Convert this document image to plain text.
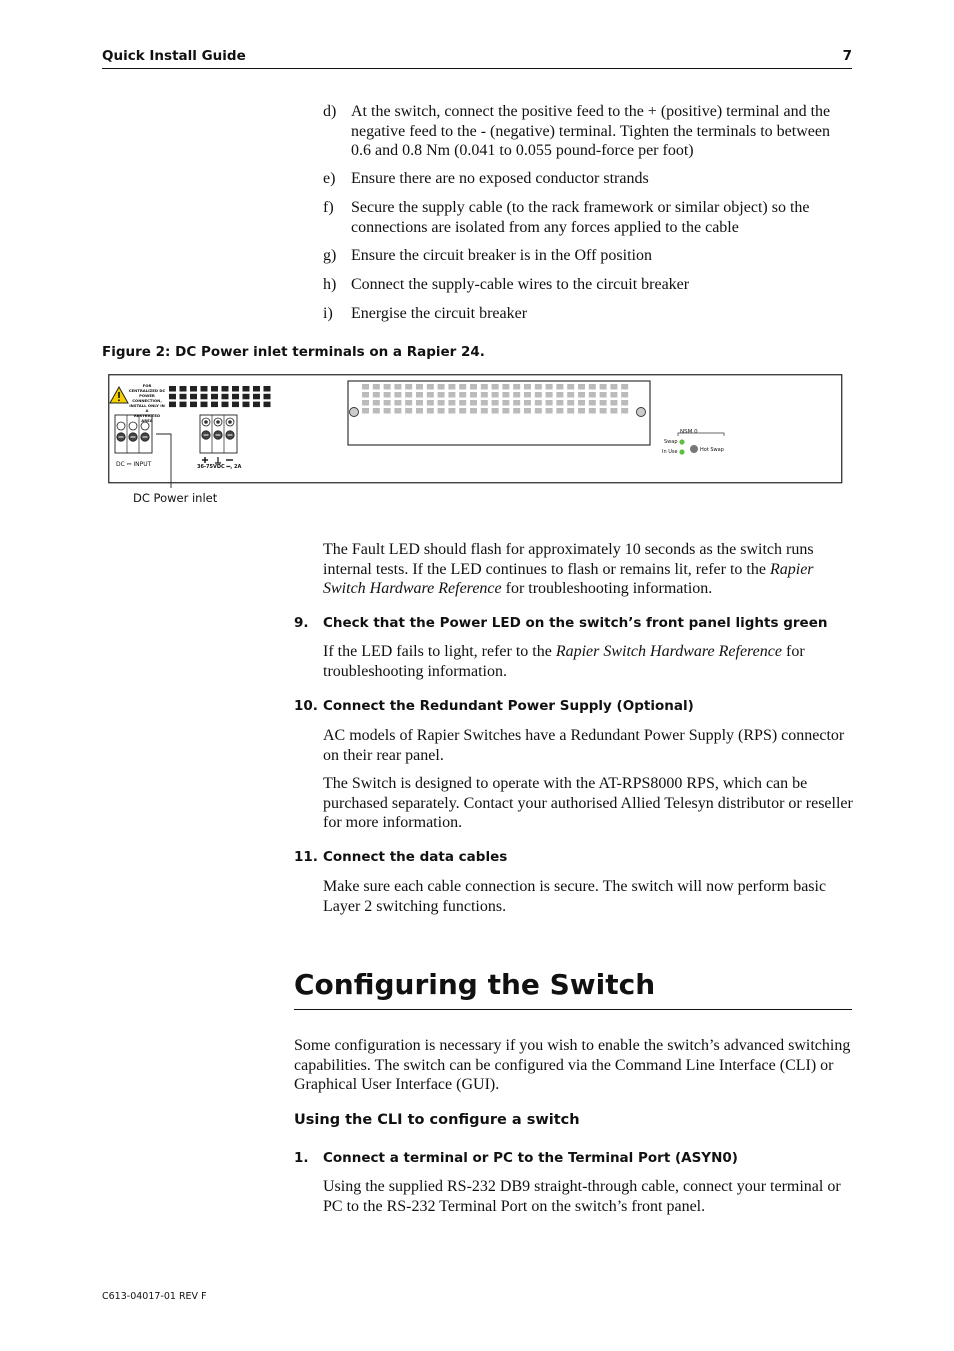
Quick Install Guide	7
d) At the switch, connect the positive feed to the + (positive) terminal and the negative feed to the - (negative) terminal. Tighten the terminals to between 0.6 and 0.8 Nm (0.041 to 0.055 pound-force per foot)
e) Ensure there are no exposed conductor strands
f)	Secure the supply cable (to the rack framework or similar object) so the connections are isolated from any forces applied to the cable
g) Ensure the circuit breaker is in the Off position
h) Connect the supply-cable wires to the circuit breaker
i)	Energise the circuit breaker
Figure 2: DC Power inlet terminals on a Rapier 24.
FOR CENTRALIZED DC
POWER CONNECTION,
INSTALL ONLY IN A
RESTRICTED AREA
DC ⎓ INPUT	36-75VDC ⎓, 2A
NSM 0
Swap
In Use	Hot Swap
DC Power inlet
The Fault LED should flash for approximately 10 seconds as the switch runs internal tests. If the LED continues to flash or remains lit, refer to the Rapier Switch Hardware Reference for troubleshooting information.
9. Check that the Power LED on the switch’s front panel lights green
If the LED fails to light, refer to the Rapier Switch Hardware Reference for troubleshooting information.
10. Connect the Redundant Power Supply (Optional)
AC models of Rapier Switches have a Redundant Power Supply (RPS) connector on their rear panel.
The Switch is designed to operate with the AT-RPS8000 RPS, which can be purchased separately. Contact your authorised Allied Telesyn distributor or reseller for more information.
11. Connect the data cables
Make sure each cable connection is secure. The switch will now perform basic Layer 2 switching functions.
Configuring the Switch
Some configuration is necessary if you wish to enable the switch’s advanced switching capabilities. The switch can be configured via the Command Line Interface (CLI) or Graphical User Interface (GUI).
Using the CLI to configure a switch
1. Connect a terminal or PC to the Terminal Port (ASYN0)
Using the supplied RS-232 DB9 straight-through cable, connect your terminal or PC to the RS-232 Terminal Port on the switch’s front panel.
C613-04017-01 REV F
